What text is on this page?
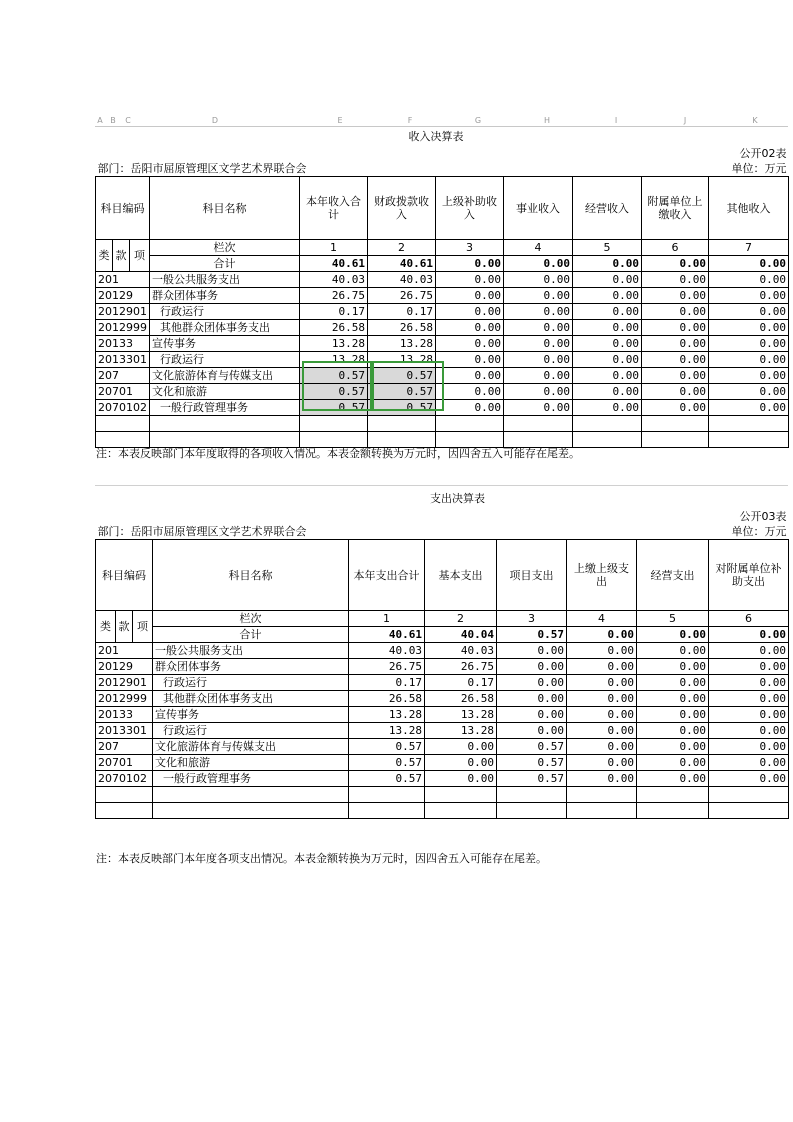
A B C	D	E	F	G	H	I	J	K
				收入决算表						
									公开02表	
部门：岳阳市屈原管理区文学艺术界联合会							单位：万元			
科目编码			科目名称	本年收入合计	财政拨款收入	上级补助收入	事业收入	经营收入	附属单位上缴收入	其他收入
类	款	项	栏次	1	2	3	4	5	6	7
			合计	40.61	40.61	0.00	0.00	0.00	0.00	0.00
201			一般公共服务支出	40.03	40.03	0.00	0.00	0.00	0.00	0.00
20129			群众团体事务	26.75	26.75	0.00	0.00	0.00	0.00	0.00
2012901			行政运行	0.17	0.17	0.00	0.00	0.00	0.00	0.00
2012999			其他群众团体事务支出	26.58	26.58	0.00	0.00	0.00	0.00	0.00
20133			宣传事务	13.28	13.28	0.00	0.00	0.00	0.00	0.00
2013301			行政运行	13.28	13.28	0.00	0.00	0.00	0.00	0.00
207			文化旅游体育与传媒支出	0.57	0.57	0.00	0.00	0.00	0.00	0.00
20701			文化和旅游	0.57	0.57	0.00	0.00	0.00	0.00	0.00
2070102			一般行政管理事务	0.57	0.57	0.00	0.00	0.00	0.00	0.00

注：本表反映部门本年度取得的各项收入情况。本表金额转换为万元时，因四舍五入可能存在尾差。
				支出决算表					
								公开03表	
部门：岳阳市屈原管理区文学艺术界联合会						单位：万元			
科目编码			科目名称	本年支出合计	基本支出	项目支出	上缴上级支出	经营支出	对附属单位补助支出
类	款	项	栏次	1	2	3	4	5	6
			合计	40.61	40.04	0.57	0.00	0.00	0.00
201			一般公共服务支出	40.03	40.03	0.00	0.00	0.00	0.00
20129			群众团体事务	26.75	26.75	0.00	0.00	0.00	0.00
2012901			行政运行	0.17	0.17	0.00	0.00	0.00	0.00
2012999			其他群众团体事务支出	26.58	26.58	0.00	0.00	0.00	0.00
20133			宣传事务	13.28	13.28	0.00	0.00	0.00	0.00
2013301			行政运行	13.28	13.28	0.00	0.00	0.00	0.00
207			文化旅游体育与传媒支出	0.57	0.00	0.57	0.00	0.00	0.00
20701			文化和旅游	0.57	0.00	0.57	0.00	0.00	0.00
2070102			一般行政管理事务	0.57	0.00	0.57	0.00	0.00	0.00

注：本表反映部门本年度各项支出情况。本表金额转换为万元时，因四舍五入可能存在尾差。
